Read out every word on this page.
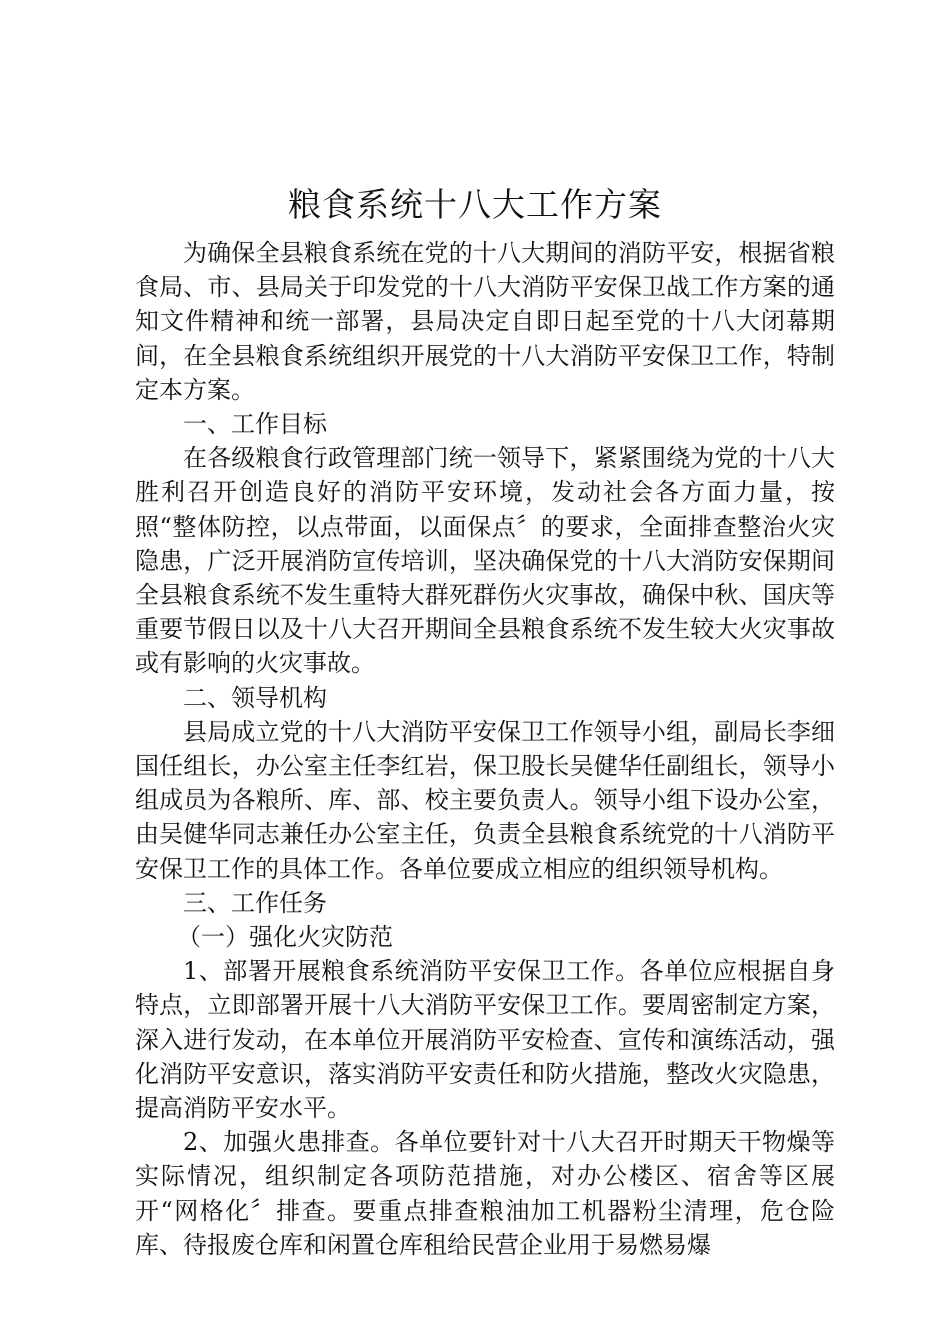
粮食系统十八大工作方案

为确保全县粮食系统在党的十八大期间的消防平安，根据省粮食局、市、县局关于印发党的十八大消防平安保卫战工作方案的通知文件精神和统一部署，县局决定自即日起至党的十八大闭幕期间，在全县粮食系统组织开展党的十八大消防平安保卫工作，特制定本方案。

一、工作目标

在各级粮食行政管理部门统一领导下，紧紧围绕为党的十八大胜利召开创造良好的消防平安环境，发动社会各方面力量，按照“整体防控，以点带面，以面保点〞的要求，全面排查整治火灾隐患，广泛开展消防宣传培训，坚决确保党的十八大消防安保期间全县粮食系统不发生重特大群死群伤火灾事故，确保中秋、国庆等重要节假日以及十八大召开期间全县粮食系统不发生较大火灾事故或有影响的火灾事故。

二、领导机构

县局成立党的十八大消防平安保卫工作领导小组，副局长李细国任组长，办公室主任李红岩，保卫股长吴健华任副组长，领导小组成员为各粮所、库、部、校主要负责人。领导小组下设办公室，由吴健华同志兼任办公室主任，负责全县粮食系统党的十八消防平安保卫工作的具体工作。各单位要成立相应的组织领导机构。

三、工作任务

（一）强化火灾防范

1、部署开展粮食系统消防平安保卫工作。各单位应根据自身特点，立即部署开展十八大消防平安保卫工作。要周密制定方案，深入进行发动，在本单位开展消防平安检查、宣传和演练活动，强化消防平安意识，落实消防平安责任和防火措施，整改火灾隐患，提高消防平安水平。

2、加强火患排查。各单位要针对十八大召开时期天干物燥等实际情况，组织制定各项防范措施，对办公楼区、宿舍等区展开“网格化〞排查。要重点排查粮油加工机器粉尘清理，危仓险库、待报废仓库和闲置仓库租给民营企业用于易燃易爆
